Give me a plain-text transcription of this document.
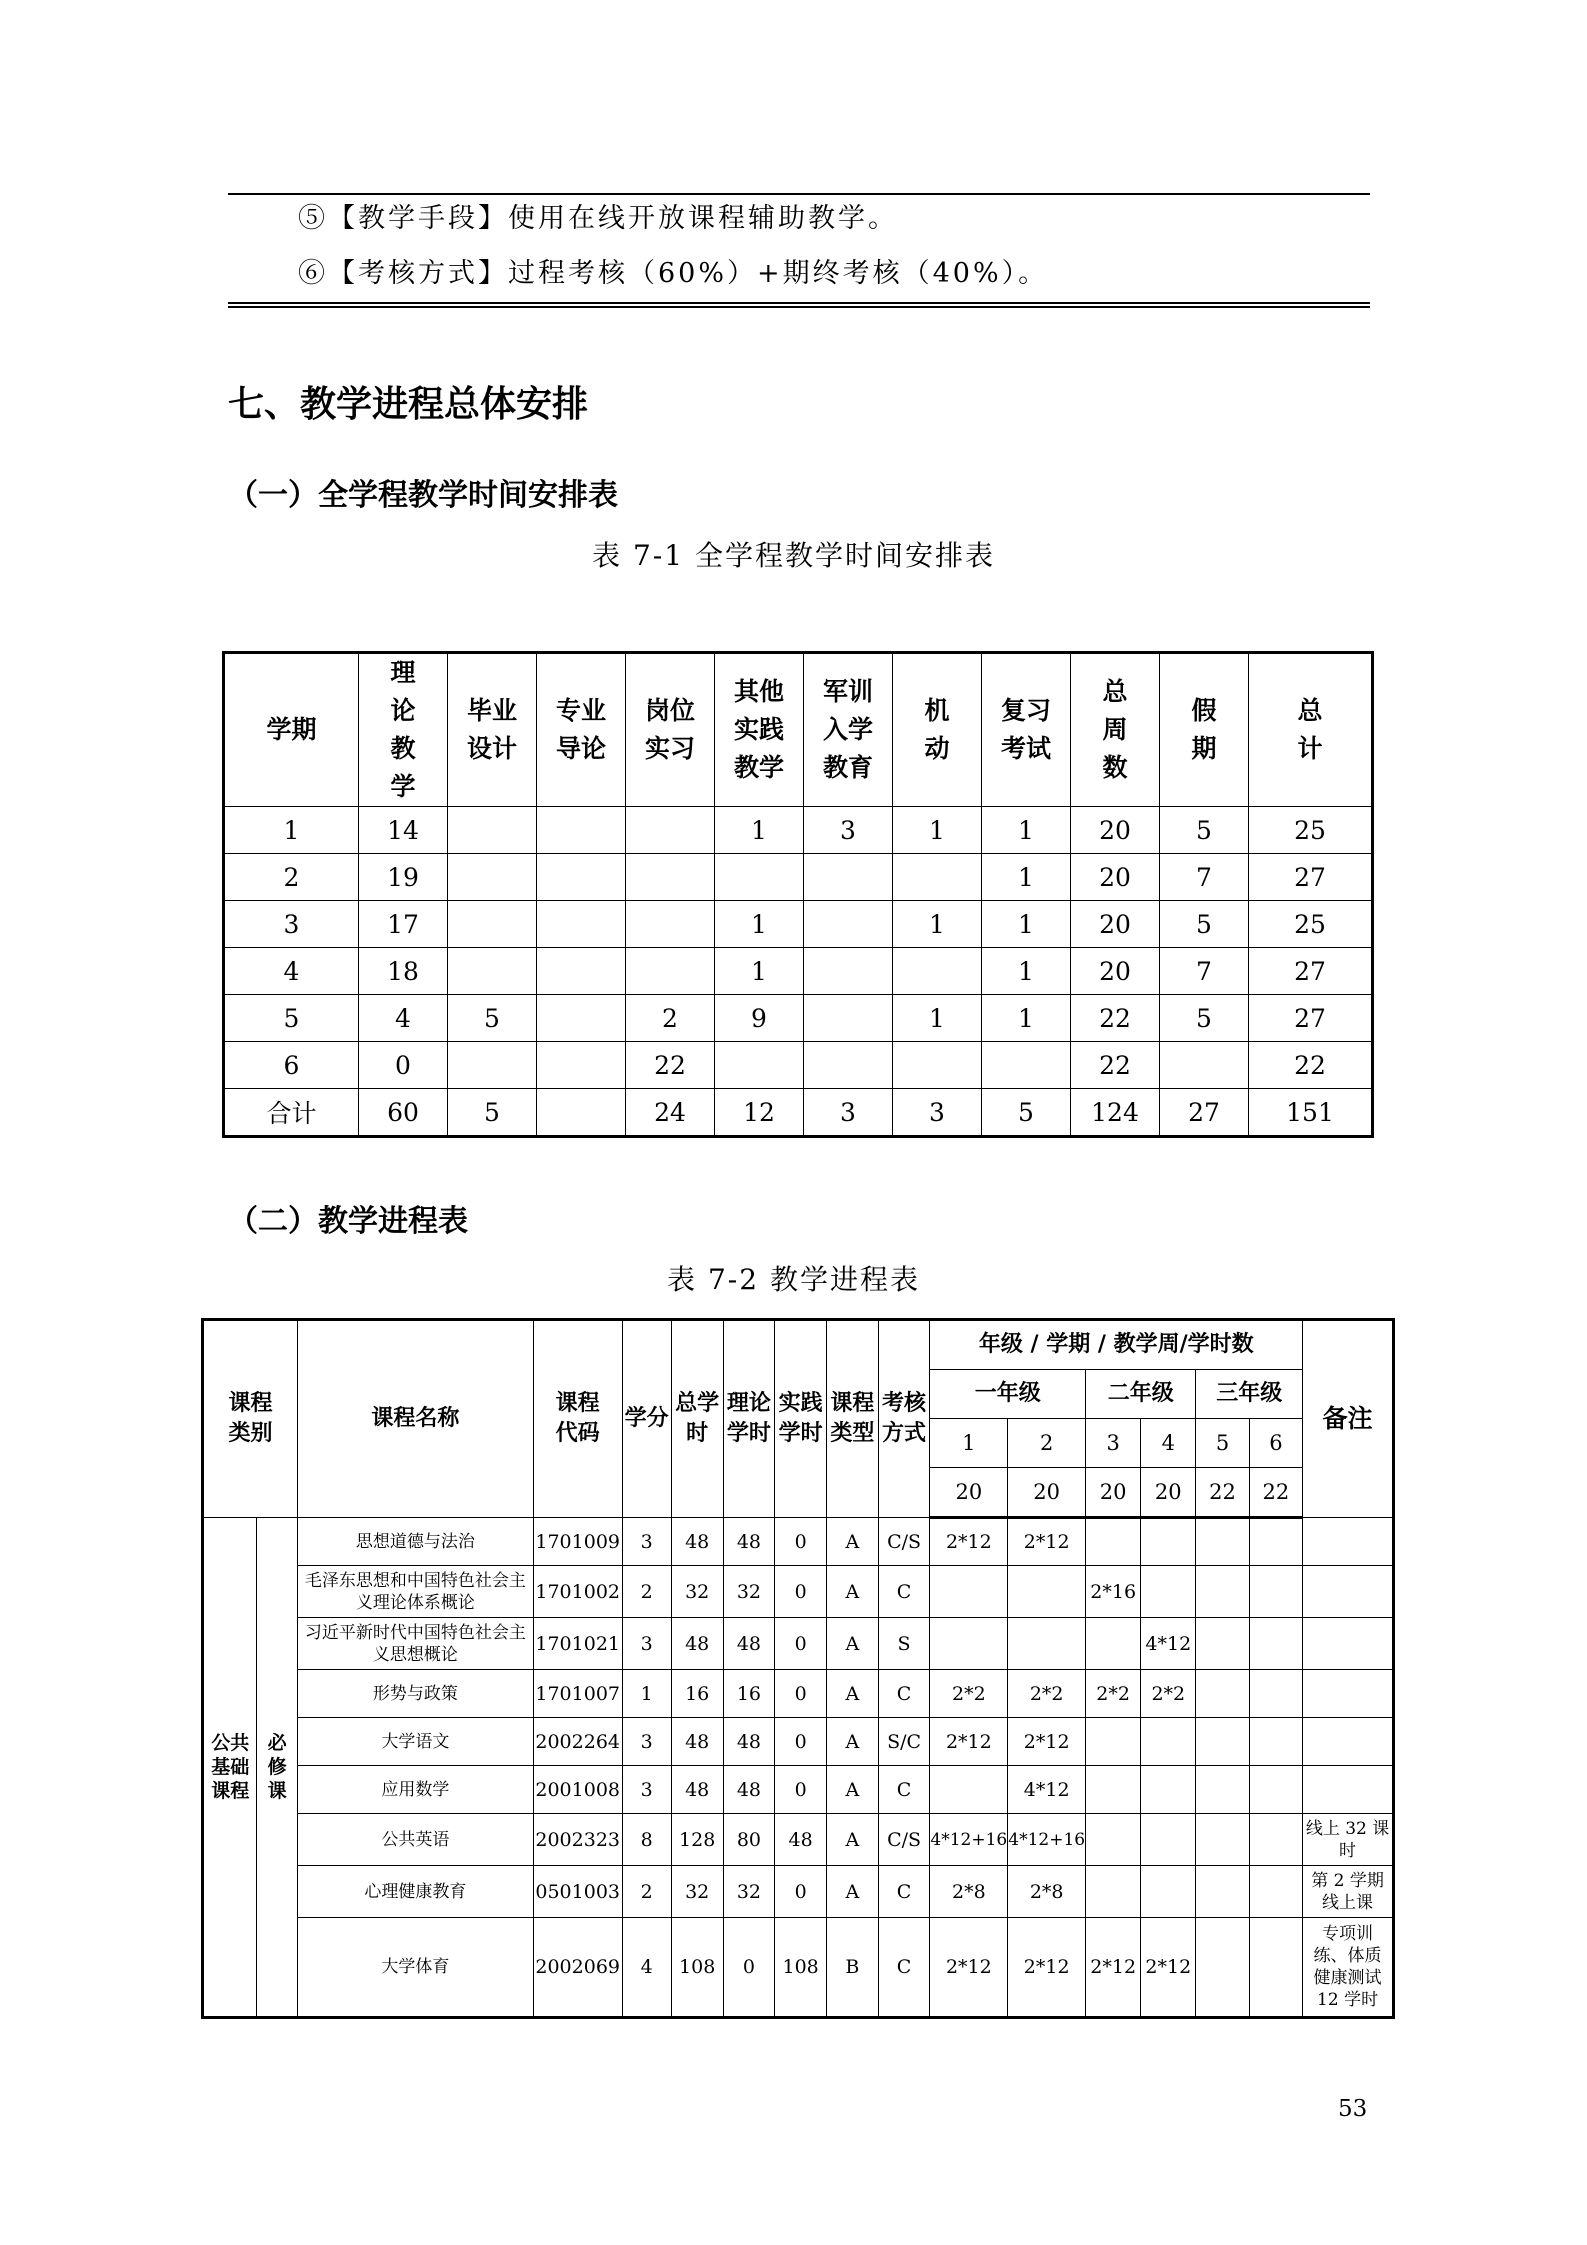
⑤【教学手段】使用在线开放课程辅助教学。
⑥【考核方式】过程考核（60%）+期终考核（40%）。
七、教学进程总体安排
（一）全学程教学时间安排表
表 7-1 全学程教学时间安排表
学期	理论教学	毕业设计	专业导论	岗位实习	其他实践教学	军训入学教育	机动	复习考试	总周数	假期	总计

1	14				1	3	1	1	20	5	25
2	19							1	20	7	27
3	17				1		1	1	20	5	25
4	18				1			1	20	7	27
5	4	5		2	9		1	1	22	5	27
6	0			22					22		22
合计	60	5		24	12	3	3	5	124	27	151
（二）教学进程表
表 7-2 教学进程表
课程类别		课程名称	课程代码	学分	总学时	理论学时	实践学时	课程类型	考核方式	年级 / 学期 / 教学周/学时数						备注
										一年级		二年级		三年级		
										1	2	3	4	5	6	
										20	20	20	20	22	22	

公共基础课程	必修课	思想道德与法治	1701009	3	48	48	0	A	C/S	2*12	2*12					
		毛泽东思想和中国特色社会主义理论体系概论	1701002	2	32	32	0	A	C			2*16				
		习近平新时代中国特色社会主义思想概论	1701021	3	48	48	0	A	S				4*12			
		形势与政策	1701007	1	16	16	0	A	C	2*2	2*2	2*2	2*2			
		大学语文	2002264	3	48	48	0	A	S/C	2*12	2*12					
		应用数学	2001008	3	48	48	0	A	C		4*12					
		公共英语	2002323	8	128	80	48	A	C/S	4*12+16	4*12+16					线上 32 课时
		心理健康教育	0501003	2	32	32	0	A	C	2*8	2*8					第 2 学期线上课
		大学体育	2002069	4	108	0	108	B	C	2*12	2*12	2*12	2*12			专项训练、体质健康测试 12 学时
53
